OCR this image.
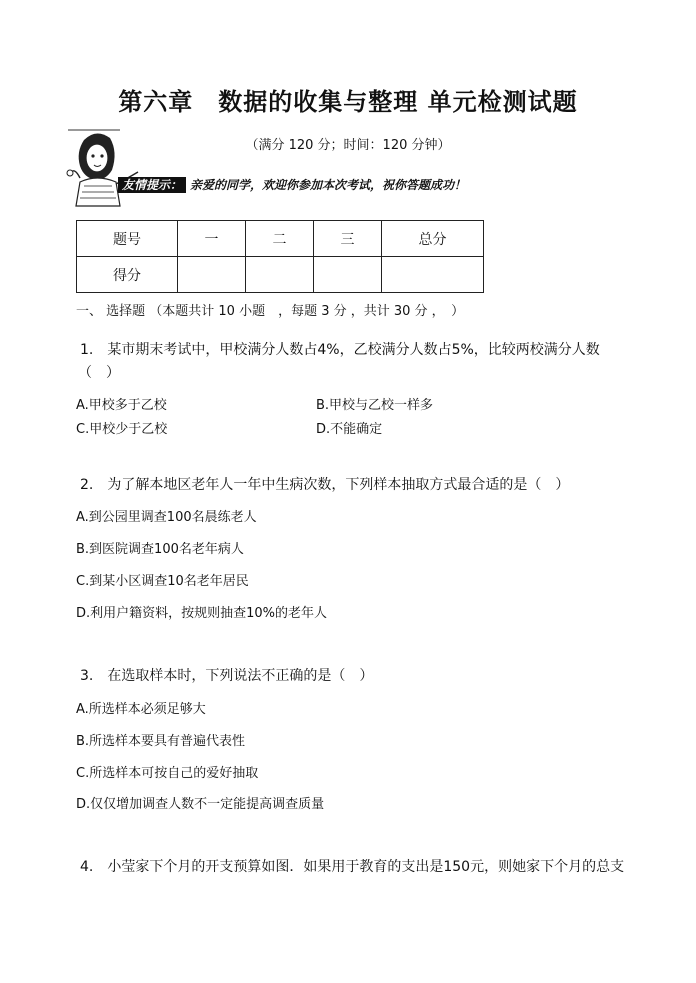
第六章　数据的收集与整理 单元检测试题
（满分 120 分；时间：120 分钟）
友情提示： 亲爱的同学，欢迎你参加本次考试，祝你答题成功！
题号	一	二	三	总分
得分				
一、 选择题 （本题共计 10 小题　，每题 3 分 ，共计 30 分 ，　）
1.　某市期末考试中，甲校满分人数占4%，乙校满分人数占5%，比较两校满分人数
（　）
A.甲校多于乙校	B.甲校与乙校一样多
C.甲校少于乙校	D.不能确定
2.　为了解本地区老年人一年中生病次数，下列样本抽取方式最合适的是（　）
A.到公园里调查100名晨练老人
B.到医院调查100名老年病人
C.到某小区调查10名老年居民
D.利用户籍资料，按规则抽查10%的老年人
3.　在选取样本时，下列说法不正确的是（　）
A.所选样本必须足够大
B.所选样本要具有普遍代表性
C.所选样本可按自己的爱好抽取
D.仅仅增加调查人数不一定能提高调查质量
4.　小莹家下个月的开支预算如图．如果用于教育的支出是150元，则她家下个月的总支
